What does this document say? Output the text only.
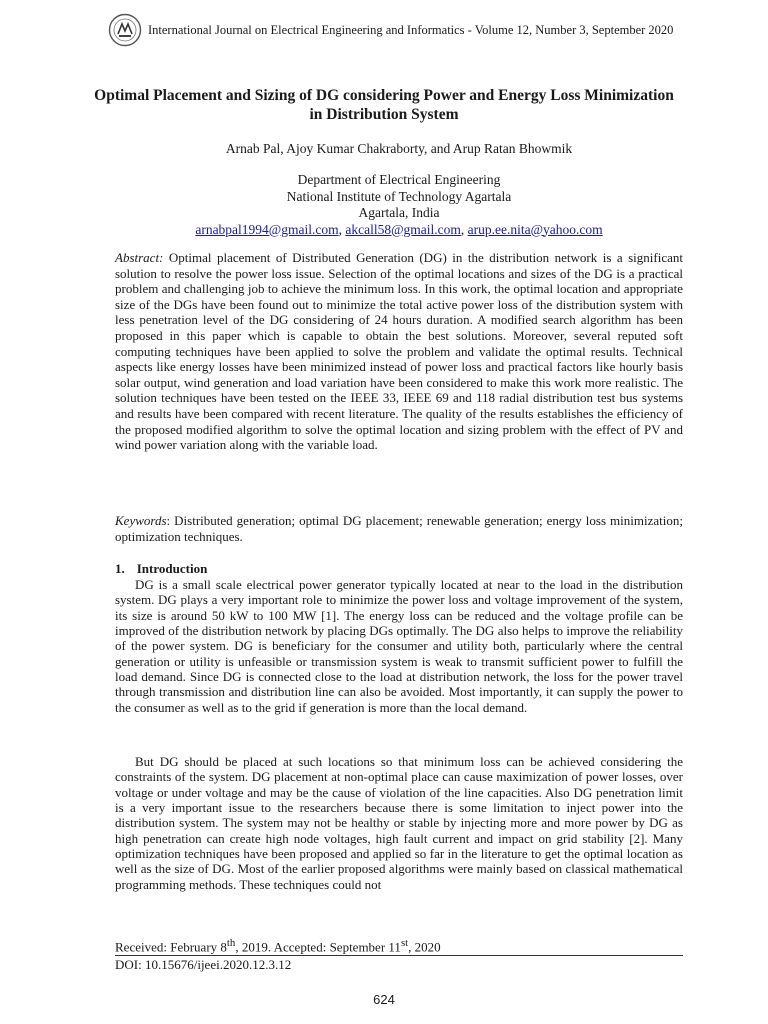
International Journal on Electrical Engineering and Informatics - Volume 12, Number 3, September 2020
Optimal Placement and Sizing of DG considering Power and Energy Loss Minimization in Distribution System
Arnab Pal, Ajoy Kumar Chakraborty, and Arup Ratan Bhowmik
Department of Electrical Engineering
National Institute of Technology Agartala
Agartala, India
arnabpal1994@gmail.com, akcall58@gmail.com, arup.ee.nita@yahoo.com
Abstract: Optimal placement of Distributed Generation (DG) in the distribution network is a significant solution to resolve the power loss issue. Selection of the optimal locations and sizes of the DG is a practical problem and challenging job to achieve the minimum loss. In this work, the optimal location and appropriate size of the DGs have been found out to minimize the total active power loss of the distribution system with less penetration level of the DG considering of 24 hours duration. A modified search algorithm has been proposed in this paper which is capable to obtain the best solutions. Moreover, several reputed soft computing techniques have been applied to solve the problem and validate the optimal results. Technical aspects like energy losses have been minimized instead of power loss and practical factors like hourly basis solar output, wind generation and load variation have been considered to make this work more realistic. The solution techniques have been tested on the IEEE 33, IEEE 69 and 118 radial distribution test bus systems and results have been compared with recent literature. The quality of the results establishes the efficiency of the proposed modified algorithm to solve the optimal location and sizing problem with the effect of PV and wind power variation along with the variable load.
Keywords: Distributed generation; optimal DG placement; renewable generation; energy loss minimization; optimization techniques.
1. Introduction
DG is a small scale electrical power generator typically located at near to the load in the distribution system. DG plays a very important role to minimize the power loss and voltage improvement of the system, its size is around 50 kW to 100 MW [1]. The energy loss can be reduced and the voltage profile can be improved of the distribution network by placing DGs optimally. The DG also helps to improve the reliability of the power system. DG is beneficiary for the consumer and utility both, particularly where the central generation or utility is unfeasible or transmission system is weak to transmit sufficient power to fulfill the load demand. Since DG is connected close to the load at distribution network, the loss for the power travel through transmission and distribution line can also be avoided. Most importantly, it can supply the power to the consumer as well as to the grid if generation is more than the local demand.
But DG should be placed at such locations so that minimum loss can be achieved considering the constraints of the system. DG placement at non-optimal place can cause maximization of power losses, over voltage or under voltage and may be the cause of violation of the line capacities. Also DG penetration limit is a very important issue to the researchers because there is some limitation to inject power into the distribution system. The system may not be healthy or stable by injecting more and more power by DG as high penetration can create high node voltages, high fault current and impact on grid stability [2]. Many optimization techniques have been proposed and applied so far in the literature to get the optimal location as well as the size of DG. Most of the earlier proposed algorithms were mainly based on classical mathematical programming methods. These techniques could not
Received: February 8th, 2019. Accepted: September 11st, 2020
DOI: 10.15676/ijeei.2020.12.3.12
624
